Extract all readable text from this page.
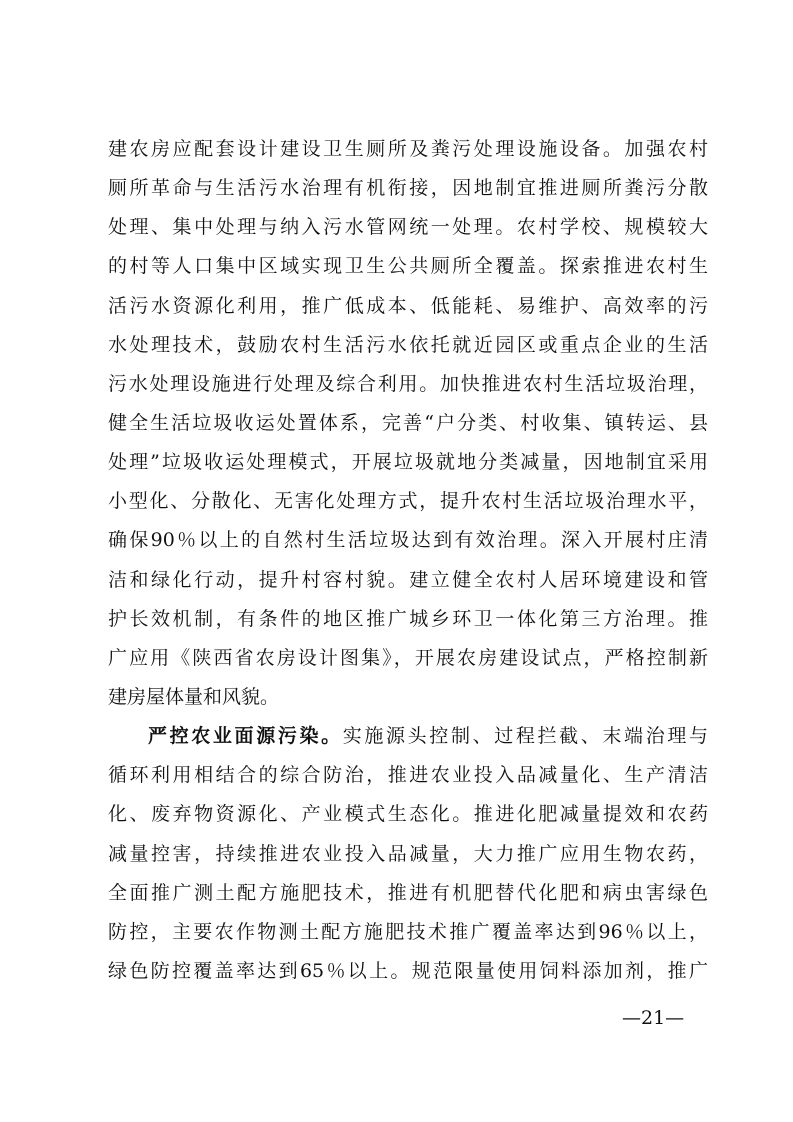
建农房应配套设计建设卫生厕所及粪污处理设施设备。加强农村
厕所革命与生活污水治理有机衔接，因地制宜推进厕所粪污分散
处理、集中处理与纳入污水管网统一处理。农村学校、规模较大
的村等人口集中区域实现卫生公共厕所全覆盖。探索推进农村生
活污水资源化利用，推广低成本、低能耗、易维护、高效率的污
水处理技术，鼓励农村生活污水依托就近园区或重点企业的生活
污水处理设施进行处理及综合利用。加快推进农村生活垃圾治理，
健全生活垃圾收运处置体系，完善“户分类、村收集、镇转运、县
处理”垃圾收运处理模式，开展垃圾就地分类减量，因地制宜采用
小型化、分散化、无害化处理方式，提升农村生活垃圾治理水平，
确保90％以上的自然村生活垃圾达到有效治理。深入开展村庄清
洁和绿化行动，提升村容村貌。建立健全农村人居环境建设和管
护长效机制，有条件的地区推广城乡环卫一体化第三方治理。推
广应用《陕西省农房设计图集》，开展农房建设试点，严格控制新
建房屋体量和风貌。
严控农业面源污染。实施源头控制、过程拦截、末端治理与
循环利用相结合的综合防治，推进农业投入品减量化、生产清洁
化、废弃物资源化、产业模式生态化。推进化肥减量提效和农药
减量控害，持续推进农业投入品减量，大力推广应用生物农药，
全面推广测土配方施肥技术，推进有机肥替代化肥和病虫害绿色
防控，主要农作物测土配方施肥技术推广覆盖率达到96％以上，
绿色防控覆盖率达到65％以上。规范限量使用饲料添加剂，推广
—21—
